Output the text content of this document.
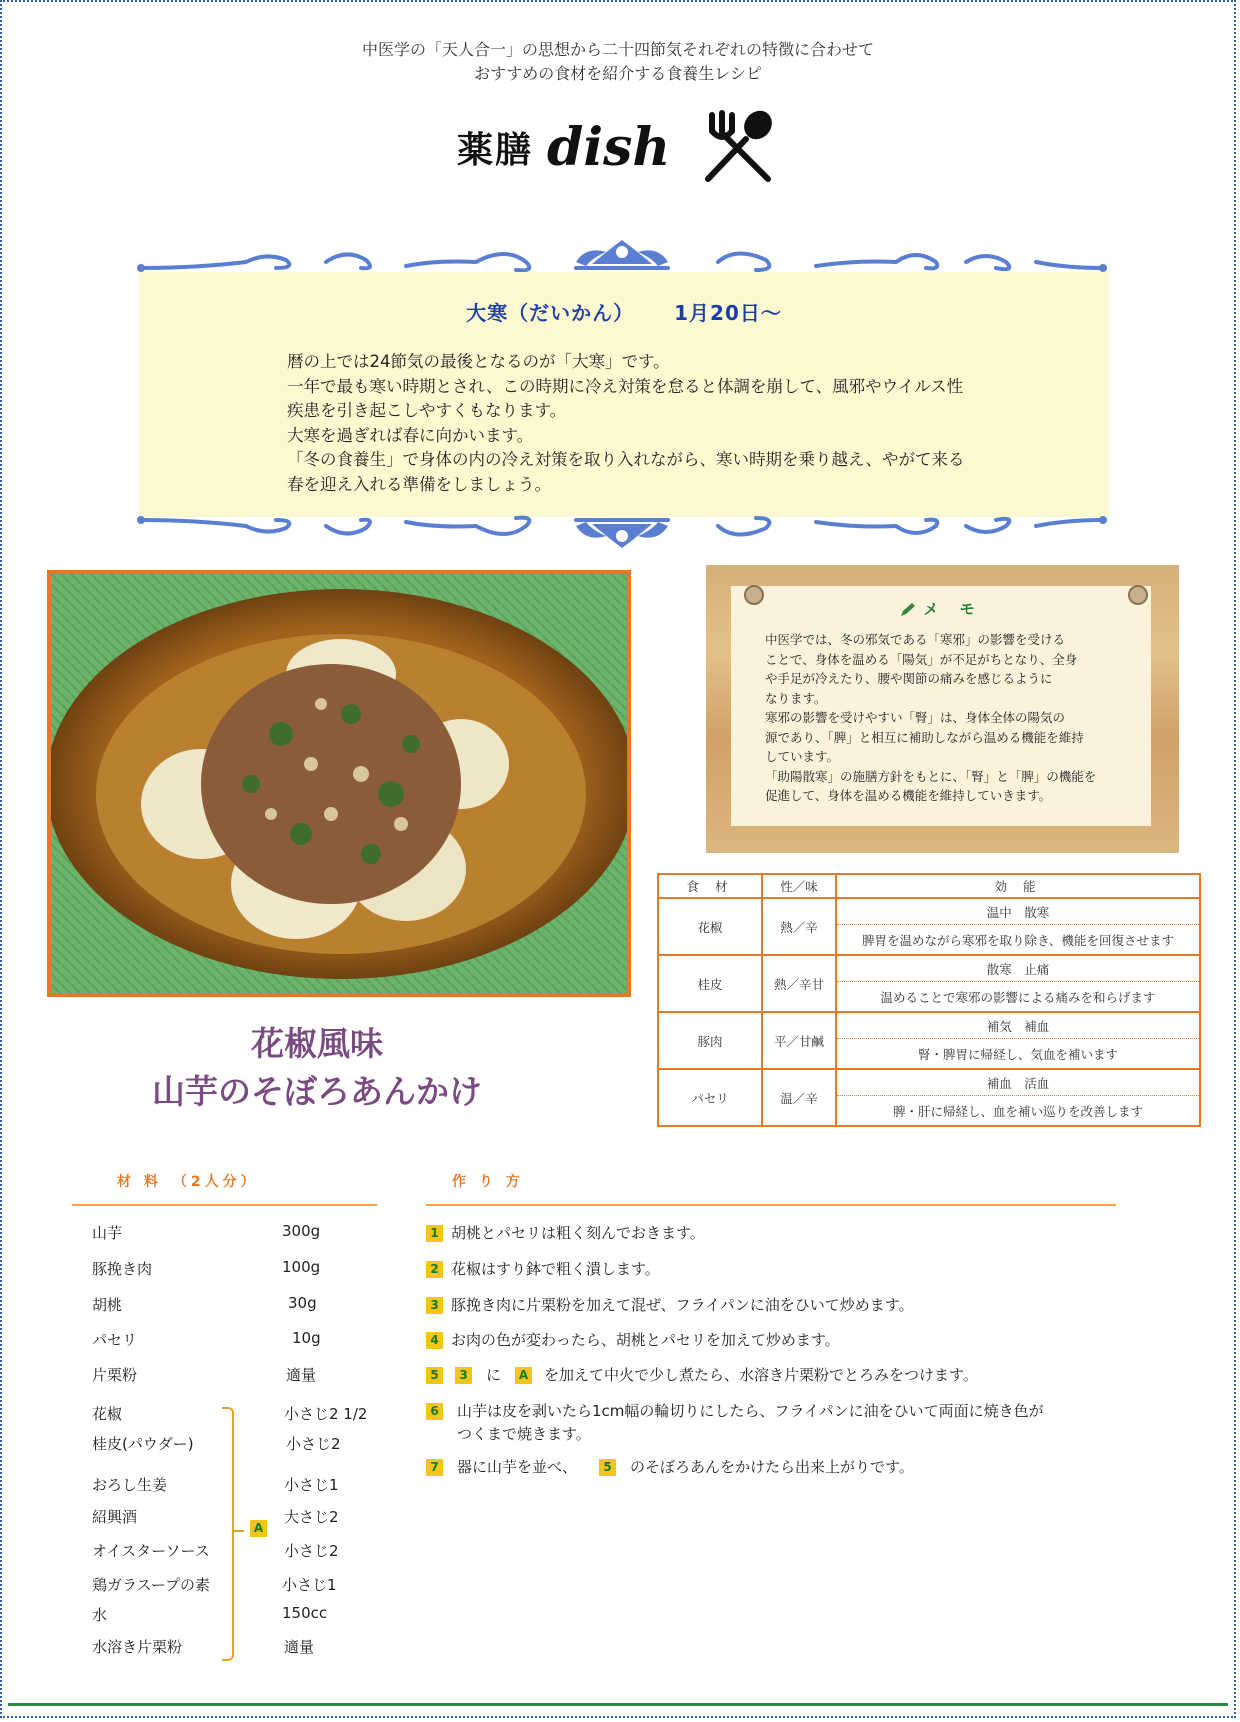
中医学の「天人合一」の思想から二十四節気それぞれの特徴に合わせて
おすすめの食材を紹介する食養生レシピ
薬膳 dish
大寒（だいかん） 1月20日～

暦の上では24節気の最後となるのが「大寒」です。

一年で最も寒い時期とされ、この時期に冷え対策を怠ると体調を崩して、風邪やウイルス性

疾患を引き起こしやすくもなります。

大寒を過ぎれば春に向かいます。

「冬の食養生」で身体の内の冷え対策を取り入れながら、寒い時期を乗り越え、やがて来る

春を迎え入れる準備をしましょう。

花椒風味
山芋のそぼろあんかけ
メ モ

中医学では、冬の邪気である「寒邪」の影響を受ける

ことで、身体を温める「陽気」が不足がちとなり、全身

や手足が冷えたり、腰や関節の痛みを感じるように

なります。

寒邪の影響を受けやすい「腎」は、身体全体の陽気の

源であり、「脾」と相互に補助しながら温める機能を維持

しています。

「助陽散寒」の施膳方針をもとに、「腎」と「脾」の機能を

促進して、身体を温める機能を維持していきます。

食 材	性／味	効 能
花椒	熱／辛	温中　散寒
		脾胃を温めながら寒邪を取り除き、機能を回復させます
桂皮	熱／辛甘	散寒　止痛
		温めることで寒邪の影響による痛みを和らげます
豚肉	平／甘鹹	補気　補血
		腎・脾胃に帰経し、気血を補います
パセリ	温／辛	補血　活血
		脾・肝に帰経し、血を補い巡りを改善します
材 料　（2人分）
山芋	300g
豚挽き肉	100g
胡桃	30g
パセリ	10g
片栗粉	適量
花椒	小さじ2 1/2
桂皮(パウダー)	小さじ2
おろし生姜	小さじ1
紹興酒	大さじ2
オイスターソース	小さじ2
鶏ガラスープの素	小さじ1
水	150cc
水溶き片栗粉	適量
A
作 り 方
1 胡桃とパセリは粗く刻んでおきます。
2 花椒はすり鉢で粗く潰します。
3 豚挽き肉に片栗粉を加えて混ぜ、フライパンに油をひいて炒めます。
4 お肉の色が変わったら、胡桃とパセリを加えて炒めます。
5	3 に	A を加えて中火で少し煮たら、水溶き片栗粉でとろみをつけます。
6 山芋は皮を剥いたら1cm幅の輪切りにしたら、フライパンに油をひいて両面に焼き色が
つくまで焼きます。
7 器に山芋を並べ、	5 のそぼろあんをかけたら出来上がりです。
